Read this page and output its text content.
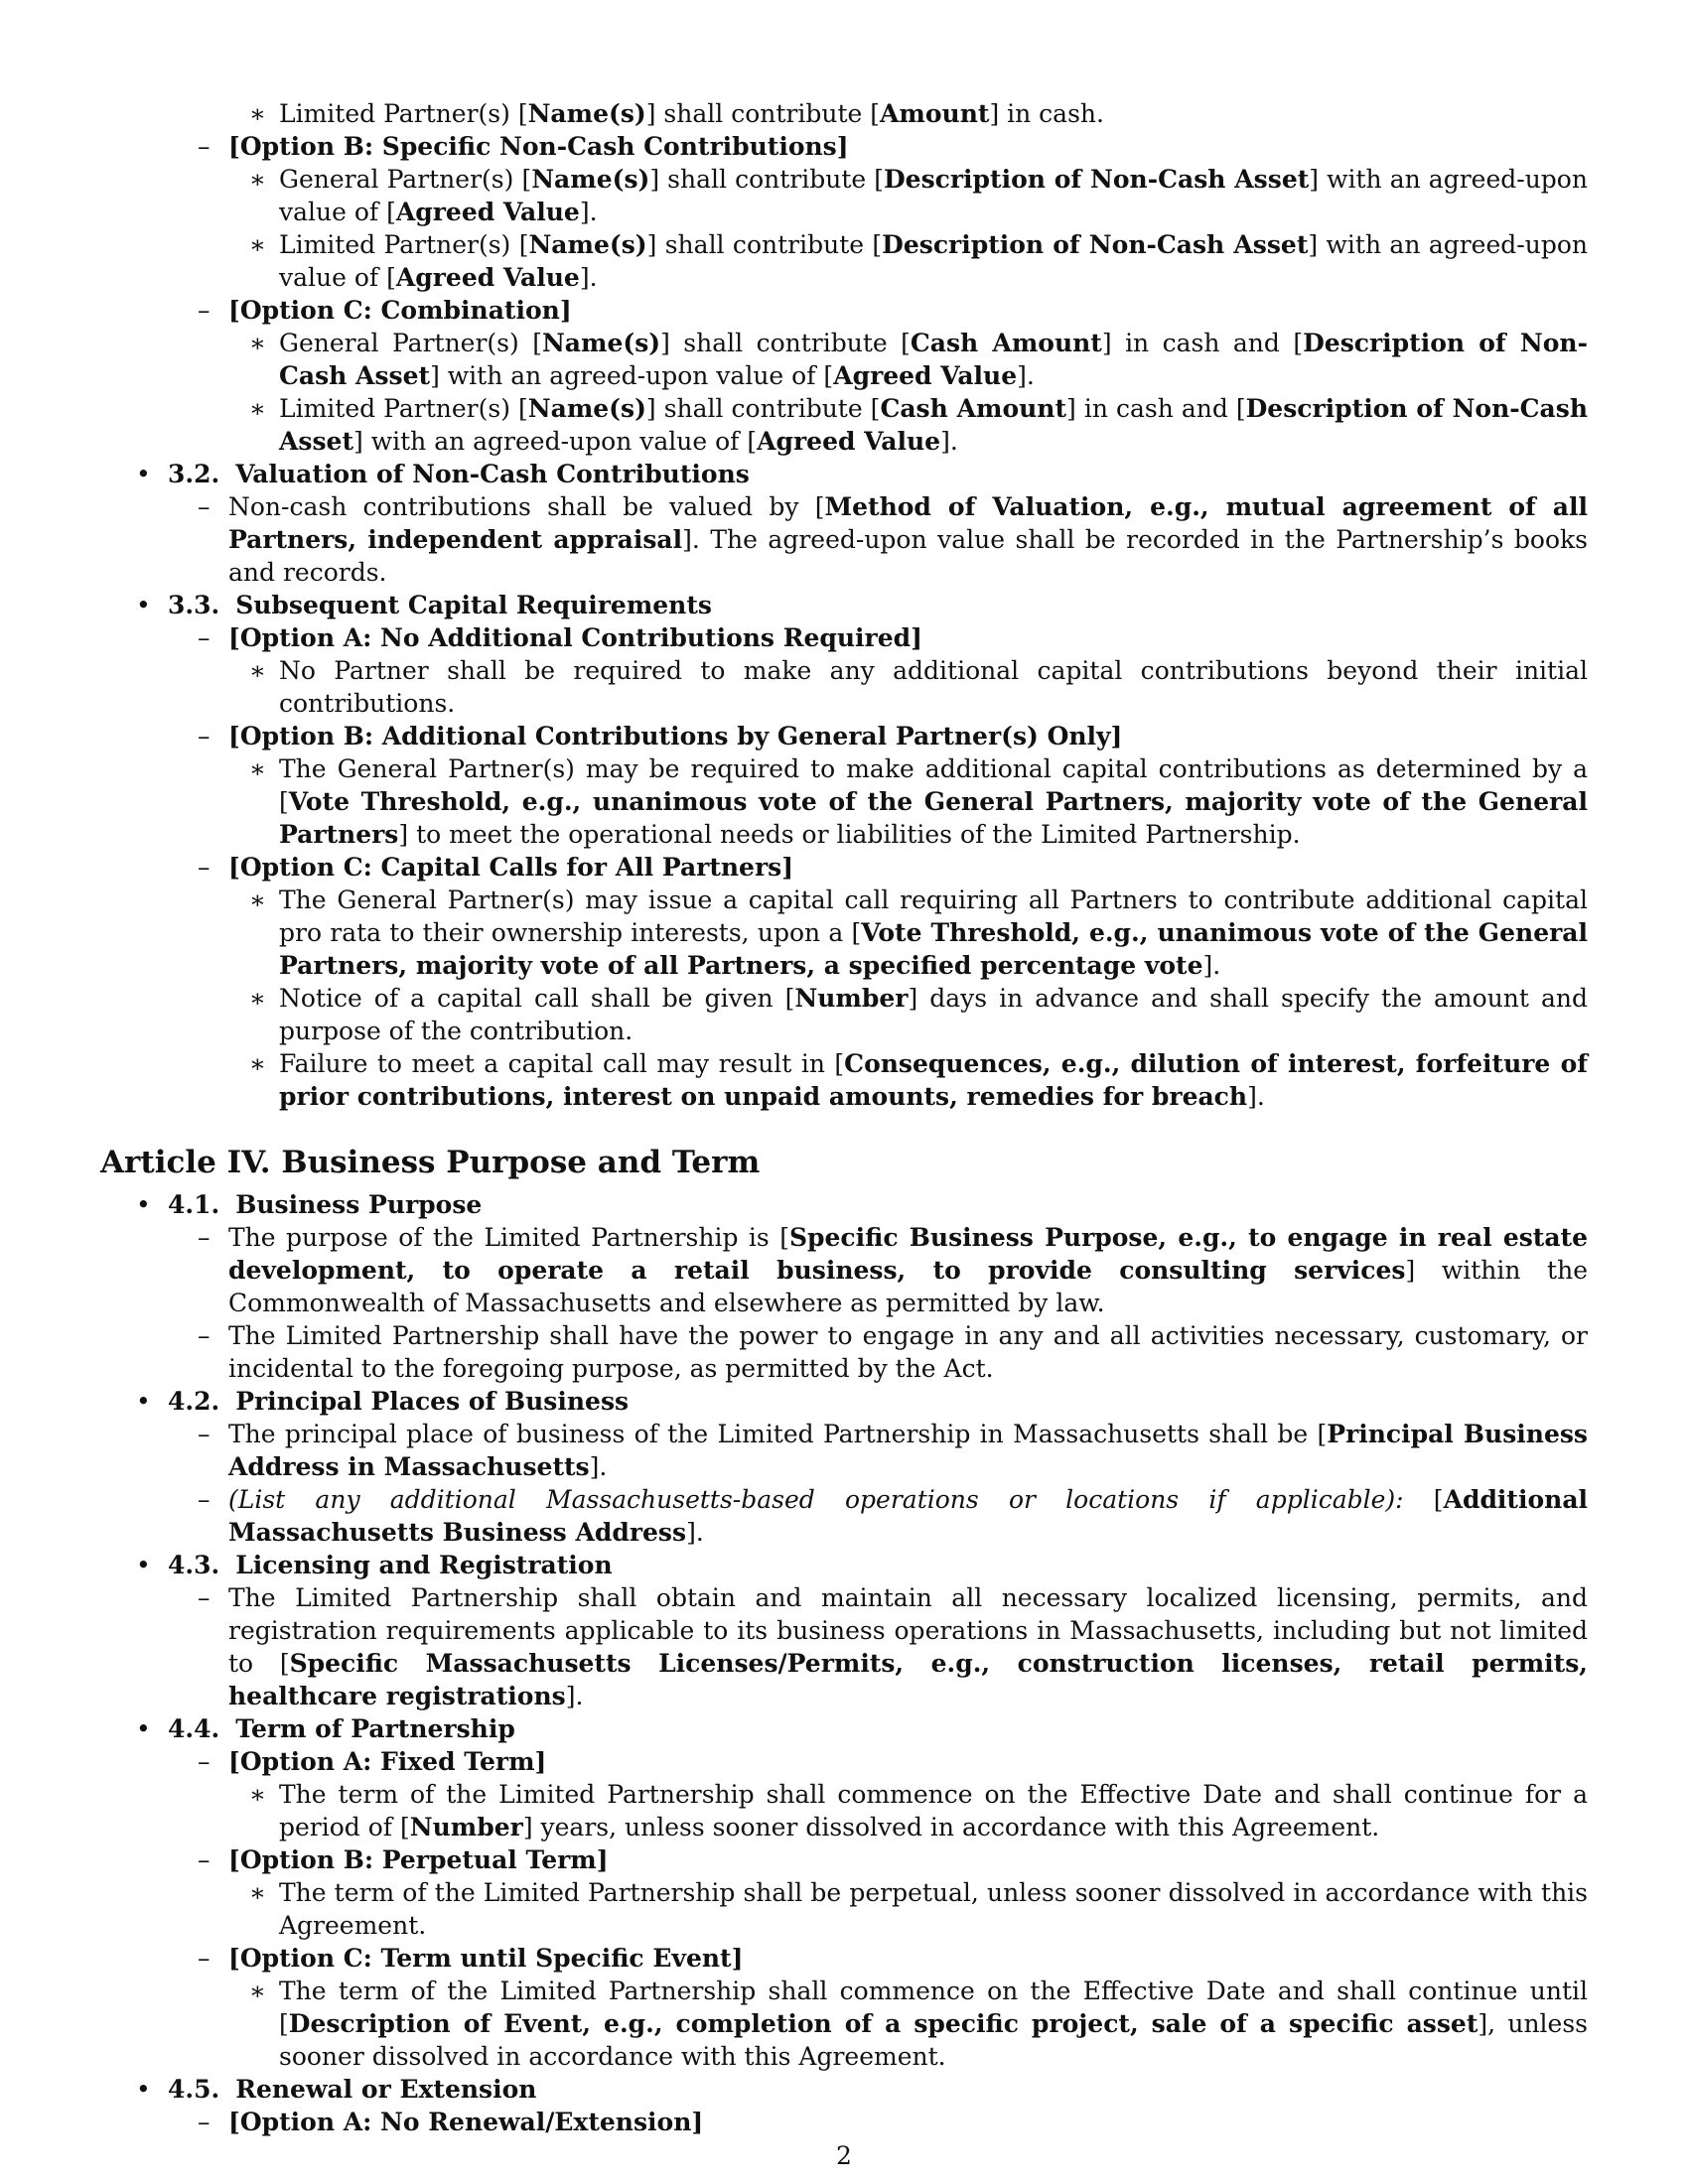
∗ Limited Partner(s) [Name(s)] shall contribute [Amount] in cash.
– [Option B: Specific Non-Cash Contributions]
∗ General Partner(s) [Name(s)] shall contribute [Description of Non-Cash Asset] with an agreed-upon value of [Agreed Value].
∗ Limited Partner(s) [Name(s)] shall contribute [Description of Non-Cash Asset] with an agreed-upon value of [Agreed Value].
– [Option C: Combination]
∗ General Partner(s) [Name(s)] shall contribute [Cash Amount] in cash and [Description of Non-Cash Asset] with an agreed-upon value of [Agreed Value].
∗ Limited Partner(s) [Name(s)] shall contribute [Cash Amount] in cash and [Description of Non-Cash Asset] with an agreed-upon value of [Agreed Value].
• 3.2. Valuation of Non-Cash Contributions
– Non-cash contributions shall be valued by [Method of Valuation, e.g., mutual agreement of all Partners, independent appraisal]. The agreed-upon value shall be recorded in the Partnership’s books and records.
• 3.3. Subsequent Capital Requirements
– [Option A: No Additional Contributions Required]
∗ No Partner shall be required to make any additional capital contributions beyond their initial contributions.
– [Option B: Additional Contributions by General Partner(s) Only]
∗ The General Partner(s) may be required to make additional capital contributions as determined by a [Vote Threshold, e.g., unanimous vote of the General Partners, majority vote of the General Partners] to meet the operational needs or liabilities of the Limited Partnership.
– [Option C: Capital Calls for All Partners]
∗ The General Partner(s) may issue a capital call requiring all Partners to contribute additional capital pro rata to their ownership interests, upon a [Vote Threshold, e.g., unanimous vote of the General Partners, majority vote of all Partners, a specified percentage vote].
∗ Notice of a capital call shall be given [Number] days in advance and shall specify the amount and purpose of the contribution.
∗ Failure to meet a capital call may result in [Consequences, e.g., dilution of interest, forfeiture of prior contributions, interest on unpaid amounts, remedies for breach].
Article IV. Business Purpose and Term
• 4.1. Business Purpose
– The purpose of the Limited Partnership is [Specific Business Purpose, e.g., to engage in real estate development, to operate a retail business, to provide consulting services] within the Commonwealth of Massachusetts and elsewhere as permitted by law.
– The Limited Partnership shall have the power to engage in any and all activities necessary, customary, or incidental to the foregoing purpose, as permitted by the Act.
• 4.2. Principal Places of Business
– The principal place of business of the Limited Partnership in Massachusetts shall be [Principal Business Address in Massachusetts].
– (List any additional Massachusetts-based operations or locations if applicable): [Additional Massachusetts Business Address].
• 4.3. Licensing and Registration
– The Limited Partnership shall obtain and maintain all necessary localized licensing, permits, and registration requirements applicable to its business operations in Massachusetts, including but not limited to [Specific Massachusetts Licenses/Permits, e.g., construction licenses, retail permits, healthcare registrations].
• 4.4. Term of Partnership
– [Option A: Fixed Term]
∗ The term of the Limited Partnership shall commence on the Effective Date and shall continue for a period of [Number] years, unless sooner dissolved in accordance with this Agreement.
– [Option B: Perpetual Term]
∗ The term of the Limited Partnership shall be perpetual, unless sooner dissolved in accordance with this Agreement.
– [Option C: Term until Specific Event]
∗ The term of the Limited Partnership shall commence on the Effective Date and shall continue until [Description of Event, e.g., completion of a specific project, sale of a specific asset], unless sooner dissolved in accordance with this Agreement.
• 4.5. Renewal or Extension
– [Option A: No Renewal/Extension]
2
